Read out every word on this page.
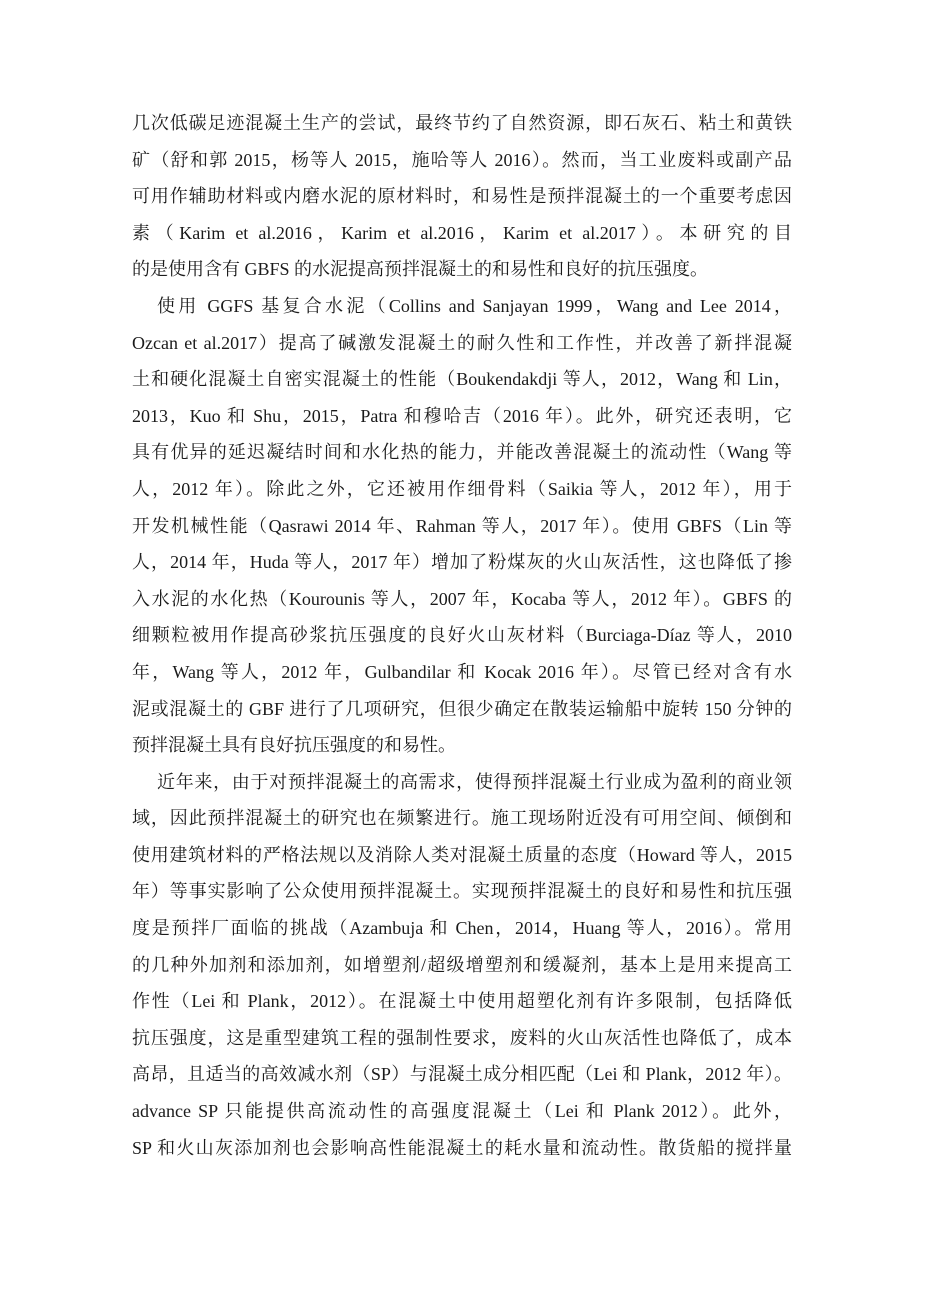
几次低碳足迹混凝土生产的尝试，最终节约了自然资源，即石灰石、粘土和黄铁
矿（舒和郭 2015，杨等人 2015，施哈等人 2016）。然而，当工业废料或副产品
可用作辅助材料或内磨水泥的原材料时，和易性是预拌混凝土的一个重要考虑因
素（Karim et al.2016，Karim et al.2016，Karim et al.2017）。本研究的目
的是使用含有 GBFS 的水泥提高预拌混凝土的和易性和良好的抗压强度。
使用 GGFS 基复合水泥（Collins and Sanjayan 1999，Wang and Lee 2014，
Ozcan et al.2017）提高了碱激发混凝土的耐久性和工作性，并改善了新拌混凝
土和硬化混凝土自密实混凝土的性能（Boukendakdji 等人，2012，Wang 和 Lin，
2013，Kuo 和 Shu，2015，Patra 和穆哈吉（2016 年）。此外，研究还表明，它
具有优异的延迟凝结时间和水化热的能力，并能改善混凝土的流动性（Wang 等
人，2012 年）。除此之外，它还被用作细骨料（Saikia 等人，2012 年），用于
开发机械性能（Qasrawi 2014 年、Rahman 等人，2017 年）。使用 GBFS（Lin 等
人，2014 年，Huda 等人，2017 年）增加了粉煤灰的火山灰活性，这也降低了掺
入水泥的水化热（Kourounis 等人，2007 年，Kocaba 等人，2012 年）。GBFS 的
细颗粒被用作提高砂浆抗压强度的良好火山灰材料（Burciaga-Díaz 等人，2010
年，Wang 等人，2012 年，Gulbandilar 和 Kocak 2016 年）。尽管已经对含有水
泥或混凝土的 GBF 进行了几项研究，但很少确定在散装运输船中旋转 150 分钟的
预拌混凝土具有良好抗压强度的和易性。
近年来，由于对预拌混凝土的高需求，使得预拌混凝土行业成为盈利的商业领
域，因此预拌混凝土的研究也在频繁进行。施工现场附近没有可用空间、倾倒和
使用建筑材料的严格法规以及消除人类对混凝土质量的态度（Howard 等人，2015
年）等事实影响了公众使用预拌混凝土。实现预拌混凝土的良好和易性和抗压强
度是预拌厂面临的挑战（Azambuja 和 Chen，2014，Huang 等人，2016）。常用
的几种外加剂和添加剂，如增塑剂/超级增塑剂和缓凝剂，基本上是用来提高工
作性（Lei 和 Plank，2012）。在混凝土中使用超塑化剂有许多限制，包括降低
抗压强度，这是重型建筑工程的强制性要求，废料的火山灰活性也降低了，成本
高昂，且适当的高效减水剂（SP）与混凝土成分相匹配（Lei 和 Plank，2012 年）。
advance SP 只能提供高流动性的高强度混凝土（Lei 和 Plank 2012）。此外，
SP 和火山灰添加剂也会影响高性能混凝土的耗水量和流动性。散货船的搅拌量
